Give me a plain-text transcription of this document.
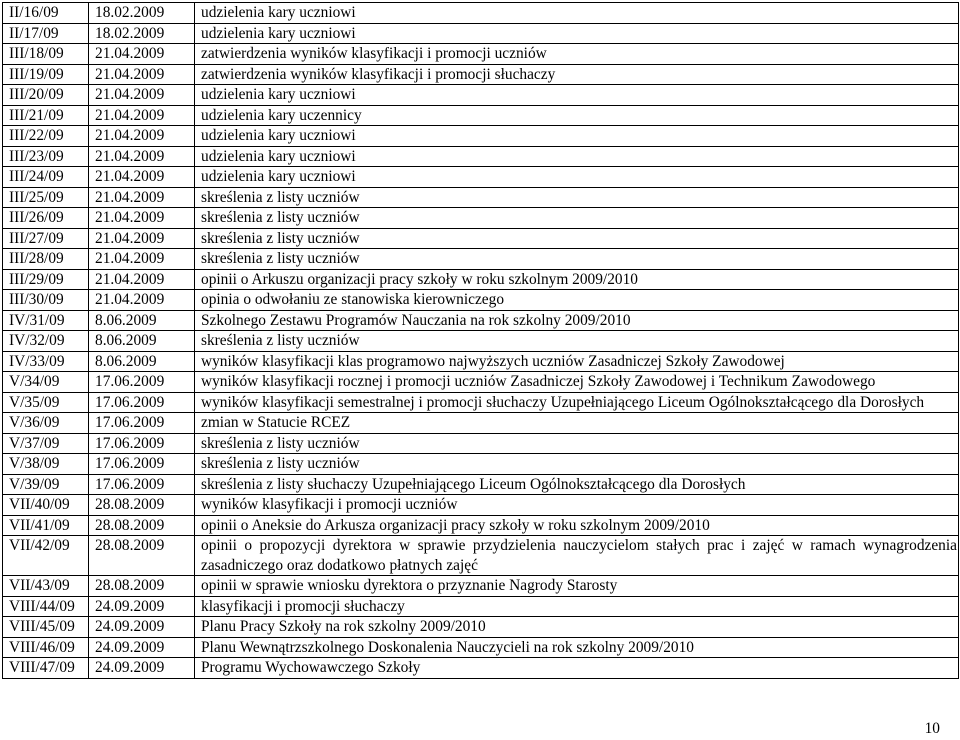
II/16/09	18.02.2009	udzielenia kary uczniowi
II/17/09	18.02.2009	udzielenia kary uczniowi
III/18/09	21.04.2009	zatwierdzenia wyników klasyfikacji i promocji uczniów
III/19/09	21.04.2009	zatwierdzenia wyników klasyfikacji i promocji słuchaczy
III/20/09	21.04.2009	udzielenia kary uczniowi
III/21/09	21.04.2009	udzielenia kary uczennicy
III/22/09	21.04.2009	udzielenia kary uczniowi
III/23/09	21.04.2009	udzielenia kary uczniowi
III/24/09	21.04.2009	udzielenia kary uczniowi
III/25/09	21.04.2009	skreślenia z listy uczniów
III/26/09	21.04.2009	skreślenia z listy uczniów
III/27/09	21.04.2009	skreślenia z listy uczniów
III/28/09	21.04.2009	skreślenia z listy uczniów
III/29/09	21.04.2009	opinii o Arkuszu organizacji pracy szkoły w roku szkolnym 2009/2010
III/30/09	21.04.2009	opinia o odwołaniu ze stanowiska kierowniczego
IV/31/09	8.06.2009	Szkolnego Zestawu Programów Nauczania na rok szkolny 2009/2010
IV/32/09	8.06.2009	skreślenia z listy uczniów
IV/33/09	8.06.2009	wyników klasyfikacji klas programowo najwyższych uczniów Zasadniczej Szkoły Zawodowej
V/34/09	17.06.2009	wyników klasyfikacji rocznej i promocji uczniów Zasadniczej Szkoły Zawodowej i Technikum Zawodowego
V/35/09	17.06.2009	wyników klasyfikacji semestralnej i promocji słuchaczy Uzupełniającego Liceum Ogólnokształcącego dla Dorosłych
V/36/09	17.06.2009	zmian w Statucie RCEZ
V/37/09	17.06.2009	skreślenia z listy uczniów
V/38/09	17.06.2009	skreślenia z listy uczniów
V/39/09	17.06.2009	skreślenia z listy słuchaczy Uzupełniającego Liceum Ogólnokształcącego dla Dorosłych
VII/40/09	28.08.2009	wyników klasyfikacji i promocji uczniów
VII/41/09	28.08.2009	opinii o Aneksie do Arkusza organizacji pracy szkoły w roku szkolnym 2009/2010
VII/42/09	28.08.2009	opinii o propozycji dyrektora w sprawie przydzielenia nauczycielom stałych prac i zajęć w ramach wynagrodzenia zasadniczego oraz dodatkowo płatnych zajęć
VII/43/09	28.08.2009	opinii w sprawie wniosku dyrektora o przyznanie Nagrody Starosty
VIII/44/09	24.09.2009	klasyfikacji i promocji słuchaczy
VIII/45/09	24.09.2009	Planu Pracy Szkoły na rok szkolny 2009/2010
VIII/46/09	24.09.2009	Planu Wewnątrzszkolnego Doskonalenia Nauczycieli na rok szkolny 2009/2010
VIII/47/09	24.09.2009	Programu Wychowawczego Szkoły
10
